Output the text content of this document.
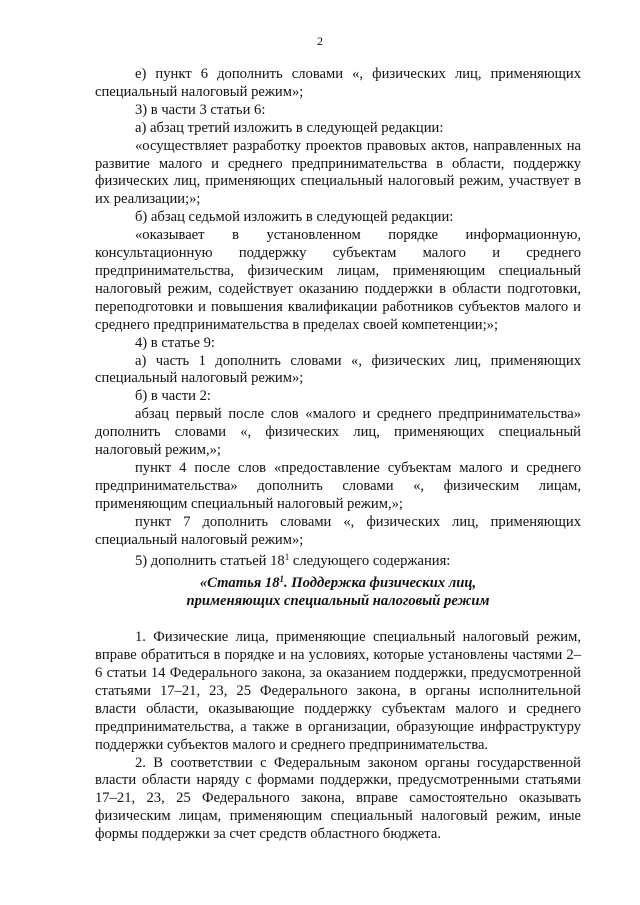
2

е) пункт 6 дополнить словами «, физических лиц, применяющих специальный налоговый режим»;

3) в части 3 статьи 6:

а) абзац третий изложить в следующей редакции:

«осуществляет разработку проектов правовых актов, направленных на развитие малого и среднего предпринимательства в области, поддержку физических лиц, применяющих специальный налоговый режим, участвует в их реализации;»;

б) абзац седьмой изложить в следующей редакции:

«оказывает в установленном порядке информационную, консультационную поддержку субъектам малого и среднего предпринимательства, физическим лицам, применяющим специальный налоговый режим, содействует оказанию поддержки в области подготовки, переподготовки и повышения квалификации работников субъектов малого и среднего предпринимательства в пределах своей компетенции;»;

4) в статье 9:

а) часть 1 дополнить словами «, физических лиц, применяющих специальный налоговый режим»;

б) в части 2:

абзац первый после слов «малого и среднего предпринимательства» дополнить словами «, физических лиц, применяющих специальный налоговый режим,»;

пункт 4 после слов «предоставление субъектам малого и среднего предпринимательства» дополнить словами «, физическим лицам, применяющим специальный налоговый режим,»;

пункт 7 дополнить словами «, физических лиц, применяющих специальный налоговый режим»;

5) дополнить статьей $18^1$ следующего содержания:

«Статья $18^1$. Поддержка физических лиц,
применяющих специальный налоговый режим

1. Физические лица, применяющие специальный налоговый режим, вправе обратиться в порядке и на условиях, которые установлены частями 2–6 статьи 14 Федерального закона, за оказанием поддержки, предусмотренной статьями 17–21, 23, 25 Федерального закона, в органы исполнительной власти области, оказывающие поддержку субъектам малого и среднего предпринимательства, а также в организации, образующие инфраструктуру поддержки субъектов малого и среднего предпринимательства.

2. В соответствии с Федеральным законом органы государственной власти области наряду с формами поддержки, предусмотренными статьями 17–21, 23, 25 Федерального закона, вправе самостоятельно оказывать физическим лицам, применяющим специальный налоговый режим, иные формы поддержки за счет средств областного бюджета.
